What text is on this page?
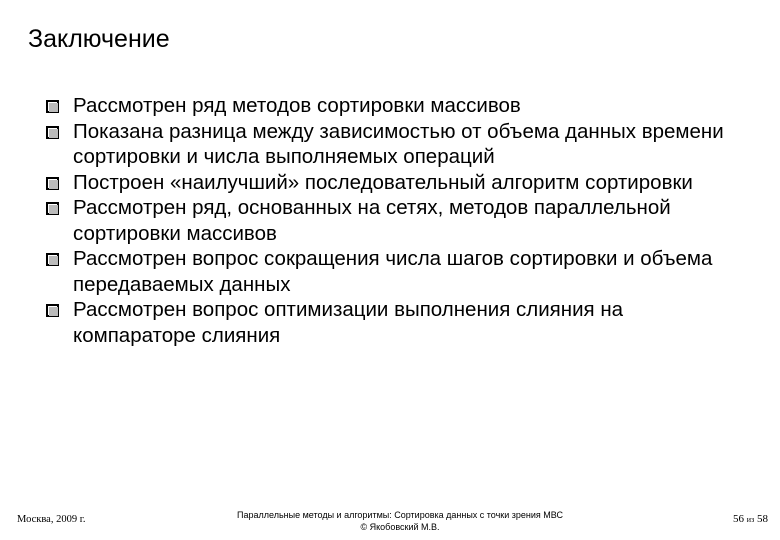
Заключение
Рассмотрен ряд методов сортировки массивов
Показана разница между зависимостью от объема данных времени сортировки и числа выполняемых операций
Построен «наилучший» последовательный алгоритм сортировки
Рассмотрен ряд, основанных на сетях, методов параллельной сортировки массивов
Рассмотрен вопрос сокращения числа шагов сортировки и объема передаваемых данных
Рассмотрен вопрос оптимизации выполнения слияния на компараторе слияния
Москва, 2009 г.	Параллельные методы и алгоритмы: Сортировка данных с точки зрения МВС
© Якобовский М.В.
56 из 58
